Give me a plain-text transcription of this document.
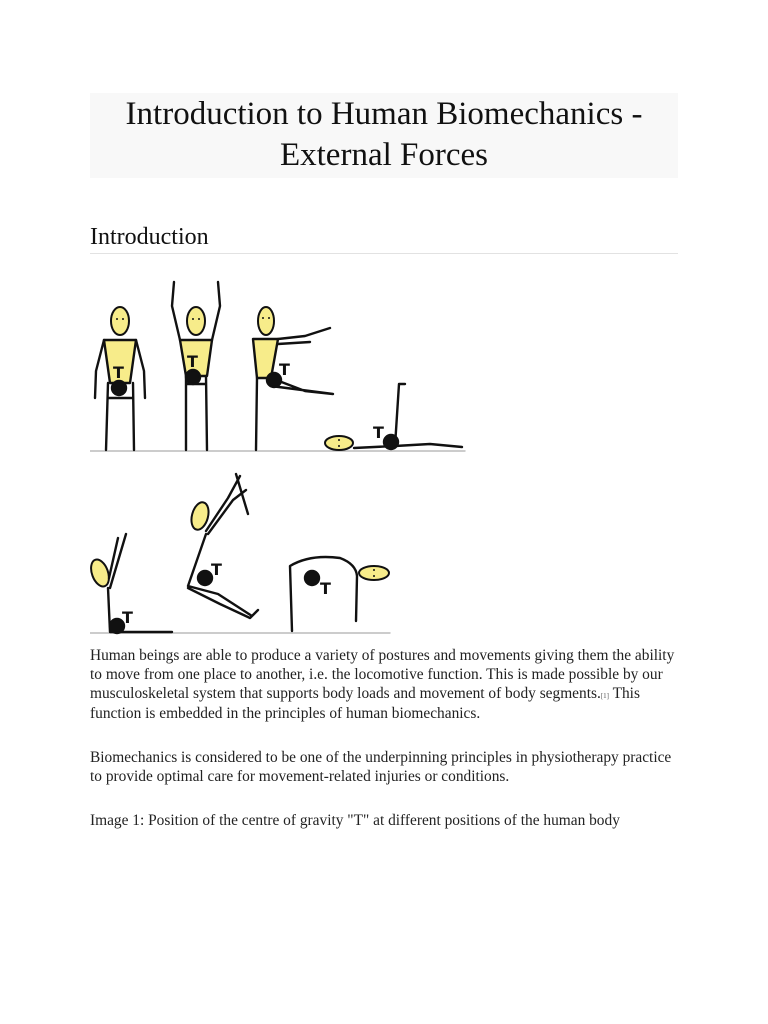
Introduction to Human Biomechanics -
External Forces
Introduction
T
T	T
T
T
T
T

Human beings are able to produce a variety of postures and movements giving them the ability to move from one place to another, i.e. the locomotive function. This is made possible by our musculoskeletal system that supports body loads and movement of body segments.[1] This function is embedded in the principles of human biomechanics.

Biomechanics is considered to be one of the underpinning principles in physiotherapy practice to provide optimal care for movement-related injuries or conditions.

Image 1: Position of the centre of gravity "T" at different positions of the human body
